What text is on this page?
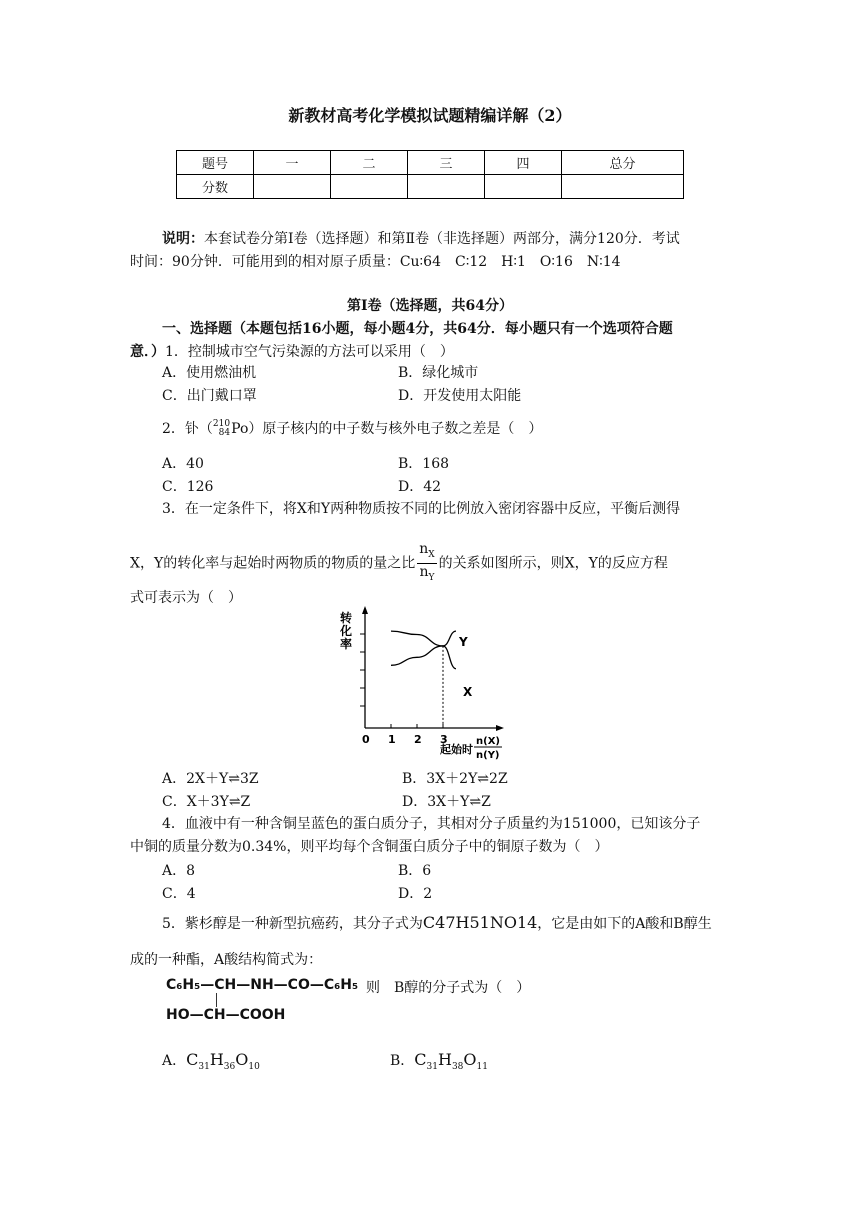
新教材高考化学模拟试题精编详解（2）
题号	一	二	三	四	总分
分数					
说明：本套试卷分第Ⅰ卷（选择题）和第Ⅱ卷（非选择题）两部分，满分120分．考试
时间：90分钟．可能用到的相对原子质量：Cu∶64　C∶12　H∶1　O∶16　N∶14
第Ⅰ卷（选择题，共64分）
一、选择题（本题包括16小题，每小题4分，共64分．每小题只有一个选项符合题
意．）1．控制城市空气污染源的方法可以采用（　）
A．使用燃油机	B．绿化城市
C．出门戴口罩	D．开发使用太阳能
2．钋（210
84Po）原子核内的中子数与核外电子数之差是（　）
A．40	B．168
C．126	D．42
3．在一定条件下，将X和Y两种物质按不同的比例放入密闭容器中反应，平衡后测得
X，Y的转化率与起始时两物质的物质的量之比 $\frac{n_X}{n_Y}$ 的关系如图所示，则X，Y的反应方程
式可表示为（　）
转
化
率
0 1 2 3
Y
X
n(X)
n(Y)
起始时
A．2X＋Y⇌3Z	B．3X＋2Y⇌2Z
C．X＋3Y⇌Z	D．3X＋Y⇌Z
4．血液中有一种含铜呈蓝色的蛋白质分子，其相对分子质量约为151000，已知该分子
中铜的质量分数为0.34%，则平均每个含铜蛋白质分子中的铜原子数为（　）
A．8	B．6
C．4	D．2
5．紫杉醇是一种新型抗癌药，其分子式为C47H51NO14，它是由如下的A酸和B醇生
成的一种酯，A酸结构简式为：
C₆H₅—CH—NH—CO—C₆H₅
HO—CH—COOH
则　B醇的分子式为（　）
A．$C_{31}H_{36}O_{10}$	B．$C_{31}H_{38}O_{11}$
